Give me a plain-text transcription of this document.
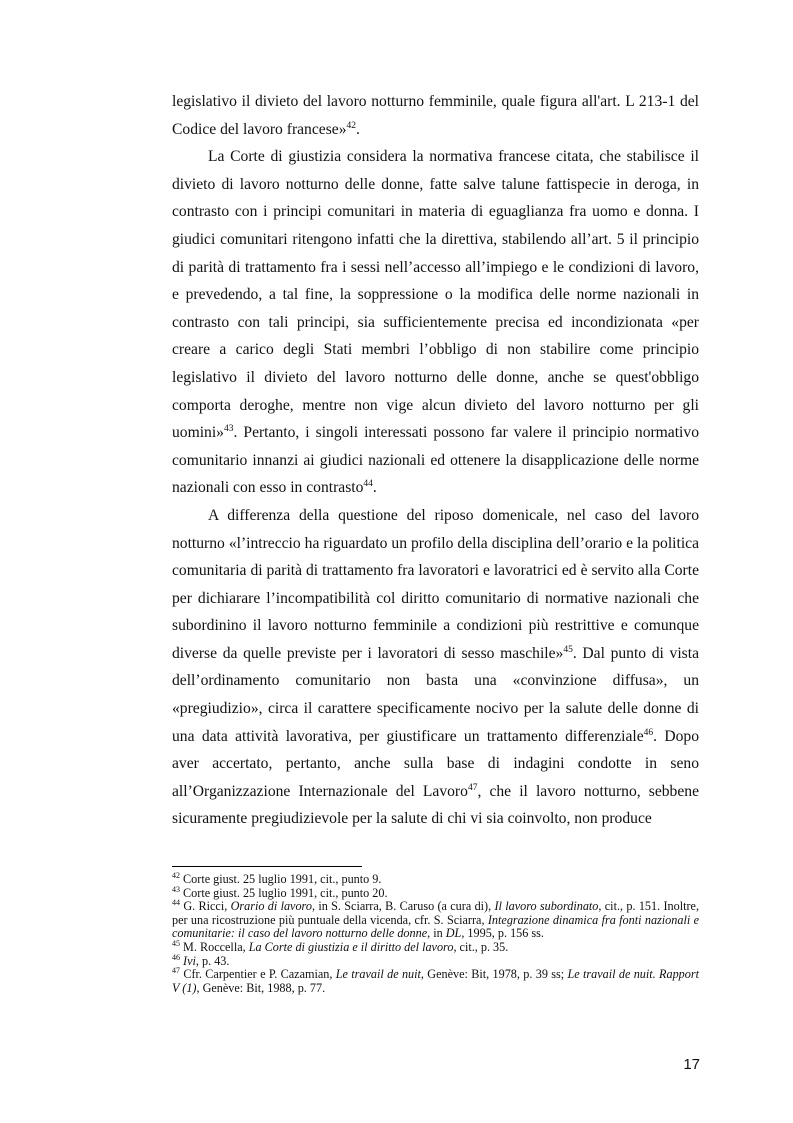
legislativo il divieto del lavoro notturno femminile, quale figura all'art. L 213-1 del Codice del lavoro francese»$^{42}$.

La Corte di giustizia considera la normativa francese citata, che stabilisce il divieto di lavoro notturno delle donne, fatte salve talune fattispecie in deroga, in contrasto con i principi comunitari in materia di eguaglianza fra uomo e donna. I giudici comunitari ritengono infatti che la direttiva, stabilendo all’art. 5 il principio di parità di trattamento fra i sessi nell’accesso all’impiego e le condizioni di lavoro, e prevedendo, a tal fine, la soppressione o la modifica delle norme nazionali in contrasto con tali principi, sia sufficientemente precisa ed incondizionata «per creare a carico degli Stati membri l’obbligo di non stabilire come principio legislativo il divieto del lavoro notturno delle donne, anche se quest'obbligo comporta deroghe, mentre non vige alcun divieto del lavoro notturno per gli uomini»$^{43}$. Pertanto, i singoli interessati possono far valere il principio normativo comunitario innanzi ai giudici nazionali ed ottenere la disapplicazione delle norme nazionali con esso in contrasto$^{44}$.

A differenza della questione del riposo domenicale, nel caso del lavoro notturno «l’intreccio ha riguardato un profilo della disciplina dell’orario e la politica comunitaria di parità di trattamento fra lavoratori e lavoratrici ed è servito alla Corte per dichiarare l’incompatibilità col diritto comunitario di normative nazionali che subordinino il lavoro notturno femminile a condizioni più restrittive e comunque diverse da quelle previste per i lavoratori di sesso maschile»$^{45}$. Dal punto di vista dell’ordinamento comunitario non basta una «convinzione diffusa», un «pregiudizio», circa il carattere specificamente nocivo per la salute delle donne di una data attività lavorativa, per giustificare un trattamento differenziale$^{46}$. Dopo aver accertato, pertanto, anche sulla base di indagini condotte in seno all’Organizzazione Internazionale del Lavoro$^{47}$, che il lavoro notturno, sebbene sicuramente pregiudizievole per la salute di chi vi sia coinvolto, non produce

$^{42}$ Corte giust. 25 luglio 1991, cit., punto 9.

$^{43}$ Corte giust. 25 luglio 1991, cit., punto 20.

$^{44}$ G. Ricci, Orario di lavoro, in S. Sciarra, B. Caruso (a cura di), Il lavoro subordinato, cit., p. 151. Inoltre, per una ricostruzione più puntuale della vicenda, cfr. S. Sciarra, Integrazione dinamica fra fonti nazionali e comunitarie: il caso del lavoro notturno delle donne, in DL, 1995, p. 156 ss.

$^{45}$ M. Roccella, La Corte di giustizia e il diritto del lavoro, cit., p. 35.

$^{46}$ Ivi, p. 43.

$^{47}$ Cfr. Carpentier e P. Cazamian, Le travail de nuit, Genève: Bit, 1978, p. 39 ss; Le travail de nuit. Rapport V (1), Genève: Bit, 1988, p. 77.

17
